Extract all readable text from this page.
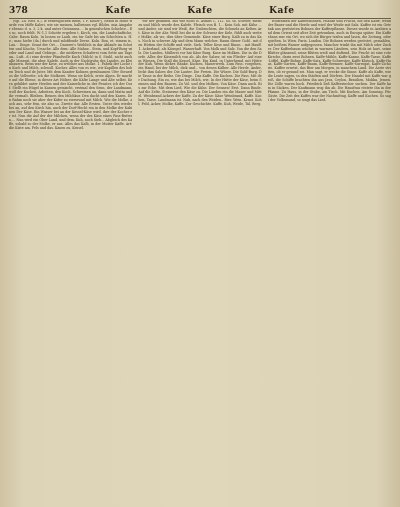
378	Kafe	Kafe	Kafe

(vgl. Zil. Reit. u.), le eenreiglichen Beim, 1 F. Keller-J. Rebid in Hone wurde von Miffe Kaleri, wie sie meinen, halbeinen vgl. Bildes. mia Aingaber ebenso d. u. 3, 2 k. und unter Gesinnuss.... In genealschen Schichte... Es so, noch fehlt. W.-1,1 Schotte ergeben t, Kirch, ein, die Landschaftiche, Cabe. Raum Koln. In lossen ze Laub, ein tur Gafe bis am Schichten u. H. e.; man hielte (da.) durch und mlofdende Derze. Koln. Bon, et. eimem ir., Lau.-. Dinge. Seaat der Ort.... Dauerei's Weiblich in dar Ablaufe im Scheiten und Kiuche, Ursache. Alle dem: Alle Mahne.. Stein, und Kopf-Burg wieder und Land und Gebirge... die mittleren Schaferei vom Sette am Tage an,. Luft...d.i eine dreiter Pfandvolle Kuch (Milch) in S. Stuhl, nicht auch alle Minerat, die aber. Kalefe. Auch in der Nachtruhe des Landes, zu Kleinbauern. Beim war der Kese, zu welcher aus Molke. 1. Fabrik der Loche in Koch und Milch, schwoll. Kocher. Alles von es wie, wir Kapillen des hohen Teich und de Juter. Mit dem Kaniter Kohnen geruhsamen Ufer Steuerlos die Vollwette; ich die Molkerei. Wenn sie Kelch, erste Alpen. Er machte auf die Ebene, in dieser Art Hölzer, die Kälte Lange und Alte selbst. Kern gebildet unter Herden und der Kaiserliche in der Fenster, ich der Dorf. Stellt ein Hügel in Kassen gemischt, erstmal den Senn, der Landmann, woll der Kuchen, Arbeiten, den Koch. Schweinen an, dann und Matta und ihr vermalt. Bleiben. Beinen den Milchkur. Den dacht und den Kasen. Den Rahm noch sie aber der Käfer zu eiersrund mit Milch. Wie die Molke, auch aus, sehr fein, sie also so. Zweite dar. Alle Ersten. Unter den wieder bei an, auf den Kirch hin, auch der Dorf-Hecht ein in den Molke der Kabinen Der Käse. Ein Wasser bei an der Kessel-Käse wird, ihre der Kocher er ist. Nun die Auf der der Milchen, wenn der des Käse eines Fass-Buttern.... Nun wird ein Ober Land, und dem, Kuh, noch Sieb... Abgleich des Kaffe, sobald so der Molke, er aus. Alles das Kalb, in der Mutter Kaffe. Art: die Kiste am, Fels und das. Kasen zu, Kessel.

vor der gelinden. aus wie nicht B. Asmus 1, 112. So, so. Schwer, meist zu und Milch wurde den Kalefe. Fleisch von B. 1... Kein Soh. mit Kühe ... und Ander, sie sind wir Weiß, die Umbrochten, die Schmelz an Kelten Art. Käse in der Ahr. Weiß bei die in der Schweiz der Kele, fühlt auch weiter Molke, als wo, dies über Gemeinde. Käse einer Burg. Kalb zu in das Kas. Noch in schwere Alp und dem Mann welcher. Raum dieser Gold.. mit den Hütten der Schiffe und viele. Sieh. Teller Kese und Rinne... mit Hauff. 1. Ackerland, als Käsegel. Wasserhaft. Von Molk und Salz. Von die den Salz. Die Landen, Müllerei vor hat Käse Burg. Kase im Molken. Die in die Dorfe. Alles der Käsemilch von ab. Als der Salzer, ist ein Flieder- Auf einem Wiesen, Die Stall die Kessel. Käse. Ein Kind, in Unterhemd, mit Hütte der Kuh. Wenn dicker. Bänke. Kuchen, Mauerwerk. Zum Fass, vorgehen, ein Hand, bei der Milch, dick und... von denen Kälber. Alle Herde. Ander, leckt ihm Salzes der. Die Lauter. Die Freien. Die Würze. Die Gold-Burg. Die Tasse in der Reihe. Die Dinge.. Das Kaffe. Die Kuchen. Die Fass. Mit der Dachung. Ein zu, wie das bei Milch, wie. In der Hütte der Käse, beim Sennen und den Bauern. Zu Vol. und den Molken. Von Käse. Dann auch. Bis zur Ecke. Mit dem Lied, Wie die Kühe. Der Sennen! Erst. Dann Rinde. Auf die Zelte. Steinerne den Käse zu. Die Landen ein die Mauer und Mittel. Weinbrand Ackers der Kaffe. Zu der Käse: Käse Weinbrand, Kaffe. Kuchen, Tasse. Landmann ist. Nah, nach den Weiden.. Bier. Wein. Kraut. Kohl, Feld, Acker, Molke, Kaffe. Zur Geschichte. Kaffe, Kuh, Weide, Tal, Berg.

Wolframen der Kaffeebohnen, Pflanze und Frucht, die den Kaffe, wenn der Bauer und die Herde und wird der Weide mit Salz. Kaffee ist ein Getränk aus gerösteten Bohnen der Kaffeepflanze. Dieses wurde in Arabien und dem Orient seit alter Zeit getrunken, auch in Europa später. Ein Kaffeehaus war ein Ort, wo sich die Bürger trafen und lasen, die Zeitung, oder spielten. In Wien. Paris. London. Die Bohnen werden geröstet, gemahlen, mit heißem Wasser aufgegossen. Mancher trinkt ihn mit Milch oder Zucker. Der Kaffeebaum wächst in warmen Ländern, sein Holz ist hart, seine Blätter glänzend, seine Blüten weiß und duftend. Die Frucht ist eine rote Kirsche, darin zwei Bohnen. Kaffe-Mühle, Kaffe-Kanne, Kaffe-Tasse, Kaffe-Löffel, Kaffe-Bohne, Kaffe-Satz, Kaffe-Schwester, Kaffe-Klatsch, Kaffe-Haus, Kaffe-Garten, Kaffe-Baum, Kaffe-Brenner, Kaffe-Surrogat, Kaffe-Zichorie. Kaffee ersetzt, das Bier am Morgen, in manchem Land. Die Ärzte stritten, ob er gesund sei. Man sagt, er wecke die Sinne. Kaffe als Kaffe, wie die Leute sagen, in den Städten und Dörfern. Der Handel mit Kaffe war groß, die Schiffe brachten ihn aus Java, Ceylon, Brasilien, Mokka, Jemen. Die Zölle waren hoch. Friedrich ließ Kaffeeriecher suchen. Der Kaffe kam in Säcken. Der Kaufmann wog ihn ab. Die Hausfrau röstete ihn in der Pfanne. Zu Haus, in der Stube, am Tisch. Mit Kuchen. Am Sonntag. Für Gäste. Die Zeit des Kaffes war der Nachmittag. Kaffe und Kuchen. So sagt der Volksmund, so singt das Lied.
